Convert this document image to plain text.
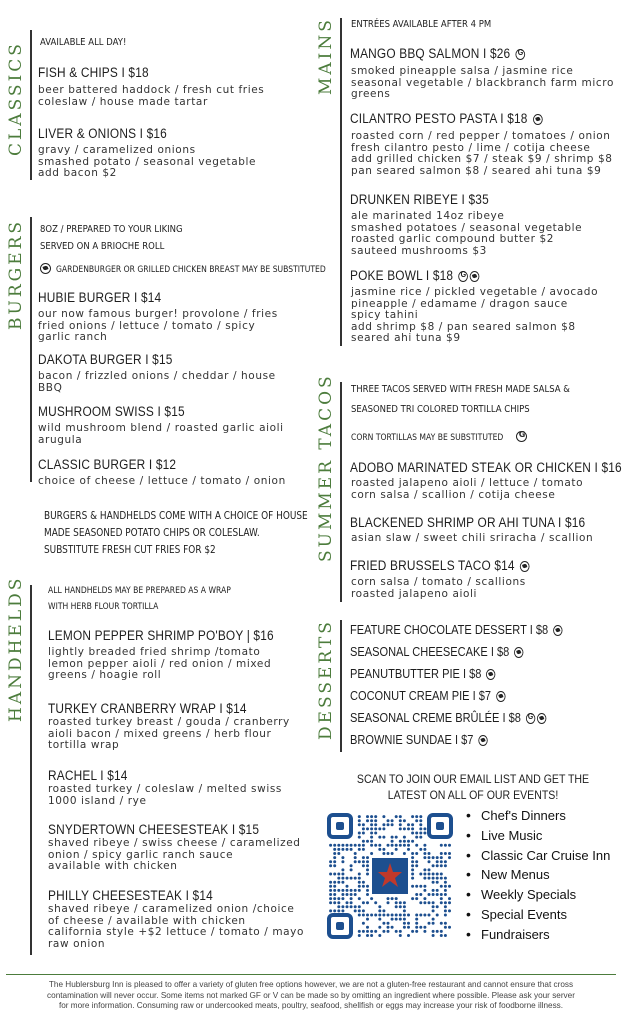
CLASSICS
BURGERS
HANDHELDS
MAINS
SUMMER TACOS
DESSERTS
AVAILABLE ALL DAY!
FISH & CHIPS I $18
beer battered haddock / fresh cut fries
coleslaw / house made tartar
LIVER & ONIONS I $16
gravy / caramelized onions
smashed potato / seasonal vegetable
add bacon $2
8OZ / PREPARED TO YOUR LIKING
SERVED ON A BRIOCHE ROLL
GARDENBURGER OR GRILLED CHICKEN BREAST MAY BE SUBSTITUTED
HUBIE BURGER I $14
our now famous burger! provolone / fries
fried onions / lettuce / tomato / spicy
garlic ranch
DAKOTA BURGER I $15
bacon / frizzled onions / cheddar / house
BBQ
MUSHROOM SWISS I $15
wild mushroom blend / roasted garlic aioli
arugula
CLASSIC BURGER I $12
choice of cheese / lettuce / tomato / onion
BURGERS & HANDHELDS COME WITH A CHOICE OF HOUSE
MADE SEASONED POTATO CHIPS OR COLESLAW.
SUBSTITUTE FRESH CUT FRIES FOR $2
ALL HANDHELDS MAY BE PREPARED AS A WRAP
WITH HERB FLOUR TORTILLA
LEMON PEPPER SHRIMP PO'BOY | $16
lightly breaded fried shrimp /tomato
lemon pepper aioli / red onion / mixed
greens / hoagie roll
TURKEY CRANBERRY WRAP I $14
roasted turkey breast / gouda / cranberry
aioli bacon / mixed greens / herb flour
tortilla wrap
RACHEL I $14
roasted turkey / coleslaw / melted swiss
1000 island / rye
SNYDERTOWN CHEESESTEAK I $15
shaved ribeye / swiss cheese / caramelized
onion / spicy garlic ranch sauce
available with chicken
PHILLY CHEESESTEAK I $14
shaved ribeye / caramelized onion /choice
of cheese / available with chicken
california style +$2 lettuce / tomato / mayo
raw onion
ENTRÉES AVAILABLE AFTER 4 PM
MANGO BBQ SALMON I $26 G
smoked pineapple salsa / jasmine rice
seasonal vegetable / blackbranch farm micro
greens
CILANTRO PESTO PASTA I $18
roasted corn / red pepper / tomatoes / onion
fresh cilantro pesto / lime / cotija cheese
add grilled chicken $7 / steak $9 / shrimp $8
pan seared salmon $8 / seared ahi tuna $9
DRUNKEN RIBEYE I $35
ale marinated 14oz ribeye
smashed potatoes / seasonal vegetable
roasted garlic compound butter $2
sauteed mushrooms $3
POKE BOWL I $18 G
jasmine rice / pickled vegetable / avocado
pineapple / edamame / dragon sauce
spicy tahini
add shrimp $8 / pan seared salmon $8
seared ahi tuna $9
THREE TACOS SERVED WITH FRESH MADE SALSA &
SEASONED TRI COLORED TORTILLA CHIPS
CORN TORTILLAS MAY BE SUBSTITUTEDG
ADOBO MARINATED STEAK OR CHICKEN I $16
roasted jalapeno aioli / lettuce / tomato
corn salsa / scallion / cotija cheese
BLACKENED SHRIMP OR AHI TUNA I $16
asian slaw / sweet chili sriracha / scallion
FRIED BRUSSELS TACO $14
corn salsa / tomato / scallions
roasted jalapeno aioli
FEATURE CHOCOLATE DESSERT I $8
SEASONAL CHEESECAKE I $8
PEANUTBUTTER PIE I $8
COCONUT CREAM PIE I $7
SEASONAL CREME BRÛLÉE I $8 G
BROWNIE SUNDAE I $7
SCAN TO JOIN OUR EMAIL LIST AND GET THE
LATEST ON ALL OF OUR EVENTS!
• Chef's Dinners
• Live Music
• Classic Car Cruise Inn
• New Menus
• Weekly Specials
• Special Events
• Fundraisers
The Hublersburg Inn is pleased to offer a variety of gluten free options however, we are not a gluten-free restaurant and cannot ensure that cross
contamination will never occur. Some items not marked GF or V can be made so by omitting an ingredient where possible. Please ask your server
for more information. Consuming raw or undercooked meats, poultry, seafood, shellfish or eggs may increase your risk of foodborne illness.
